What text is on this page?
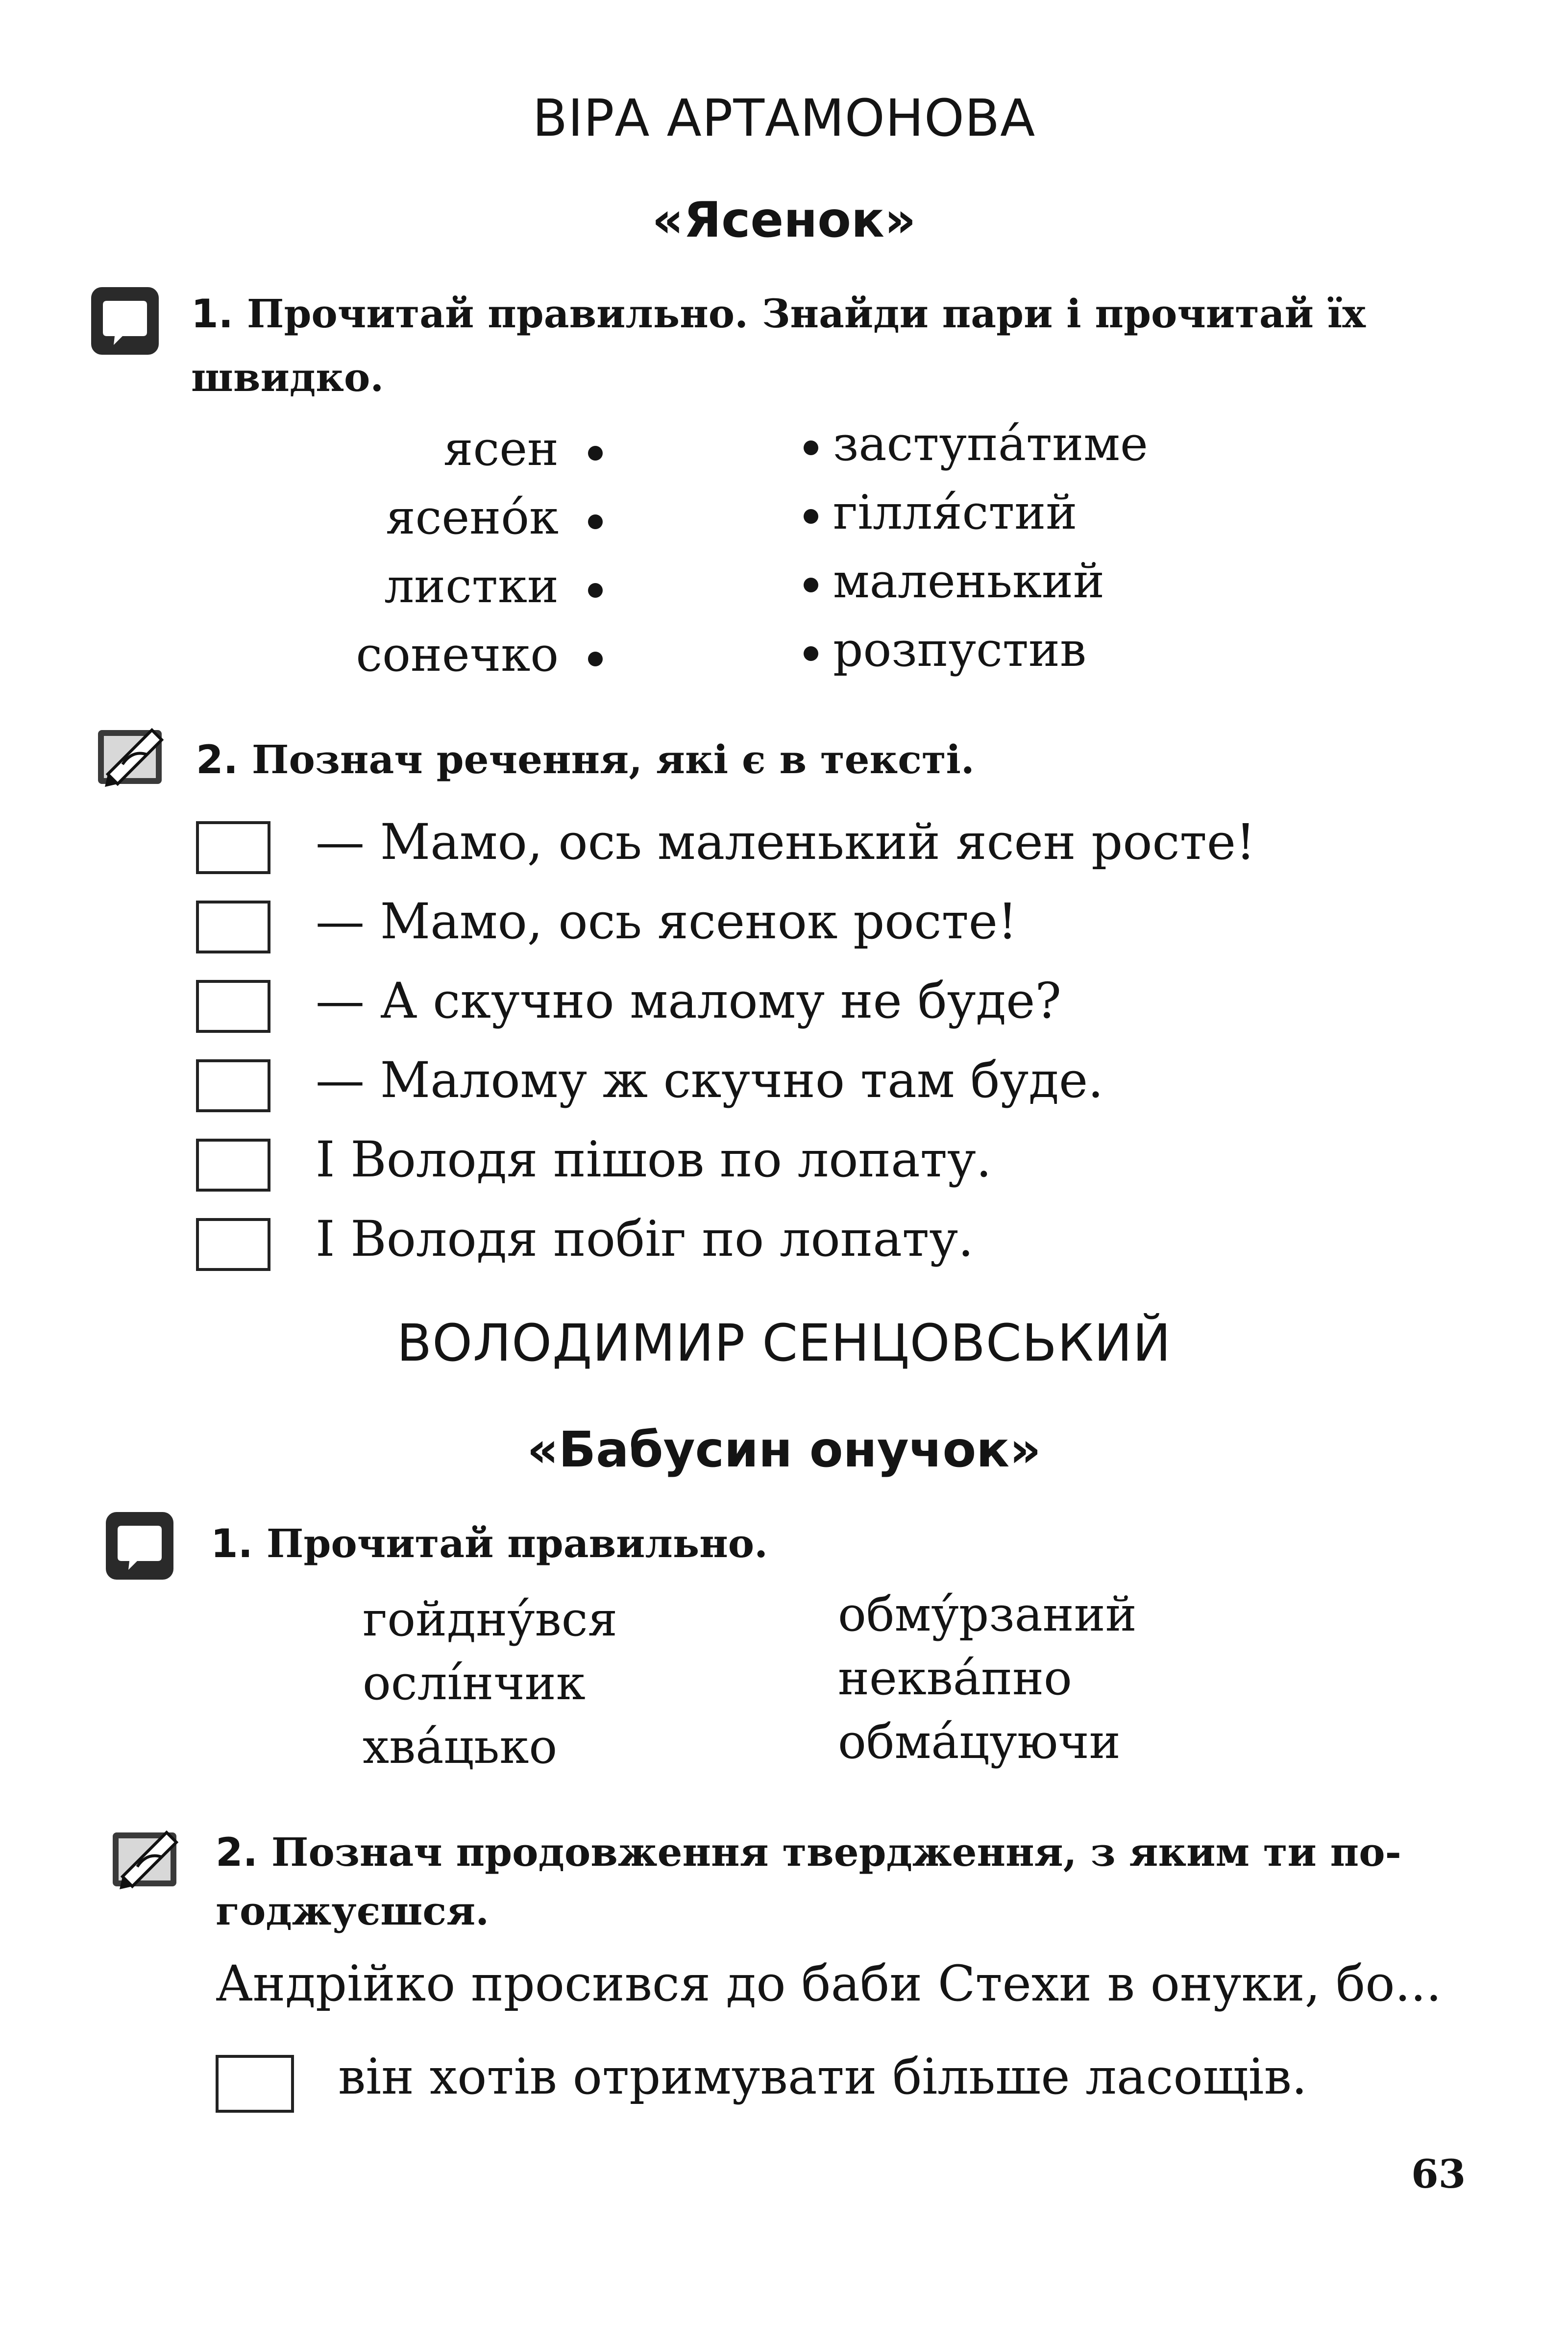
ВІРА АРТАМОНОВА
«Ясенок»
1. Прочитай правильно. Знайди пари і прочитай їх
швидко.
ясен
ясено́к
листки
сонечко
заступа́тиме
гілля́стий
маленький
розпустив
2. Познач речення, які є в тексті.
— Мамо, ось маленький ясен росте!
— Мамо, ось ясенок росте!
— А скучно малому не буде?
— Малому ж скучно там буде.
І Володя пішов по лопату.
І Володя побіг по лопату.
ВОЛОДИМИР СЕНЦОВСЬКИЙ
«Бабусин онучок»
1. Прочитай правильно.
гойдну́вся
ослі́нчик
хва́цько
обму́рзаний
неква́пно
обма́цуючи
2. Познач продовження твердження, з яким ти по-
годжуєшся.
Андрійко просився до баби Стехи в онуки, бо...
він хотів отримувати більше ласощів.
63
